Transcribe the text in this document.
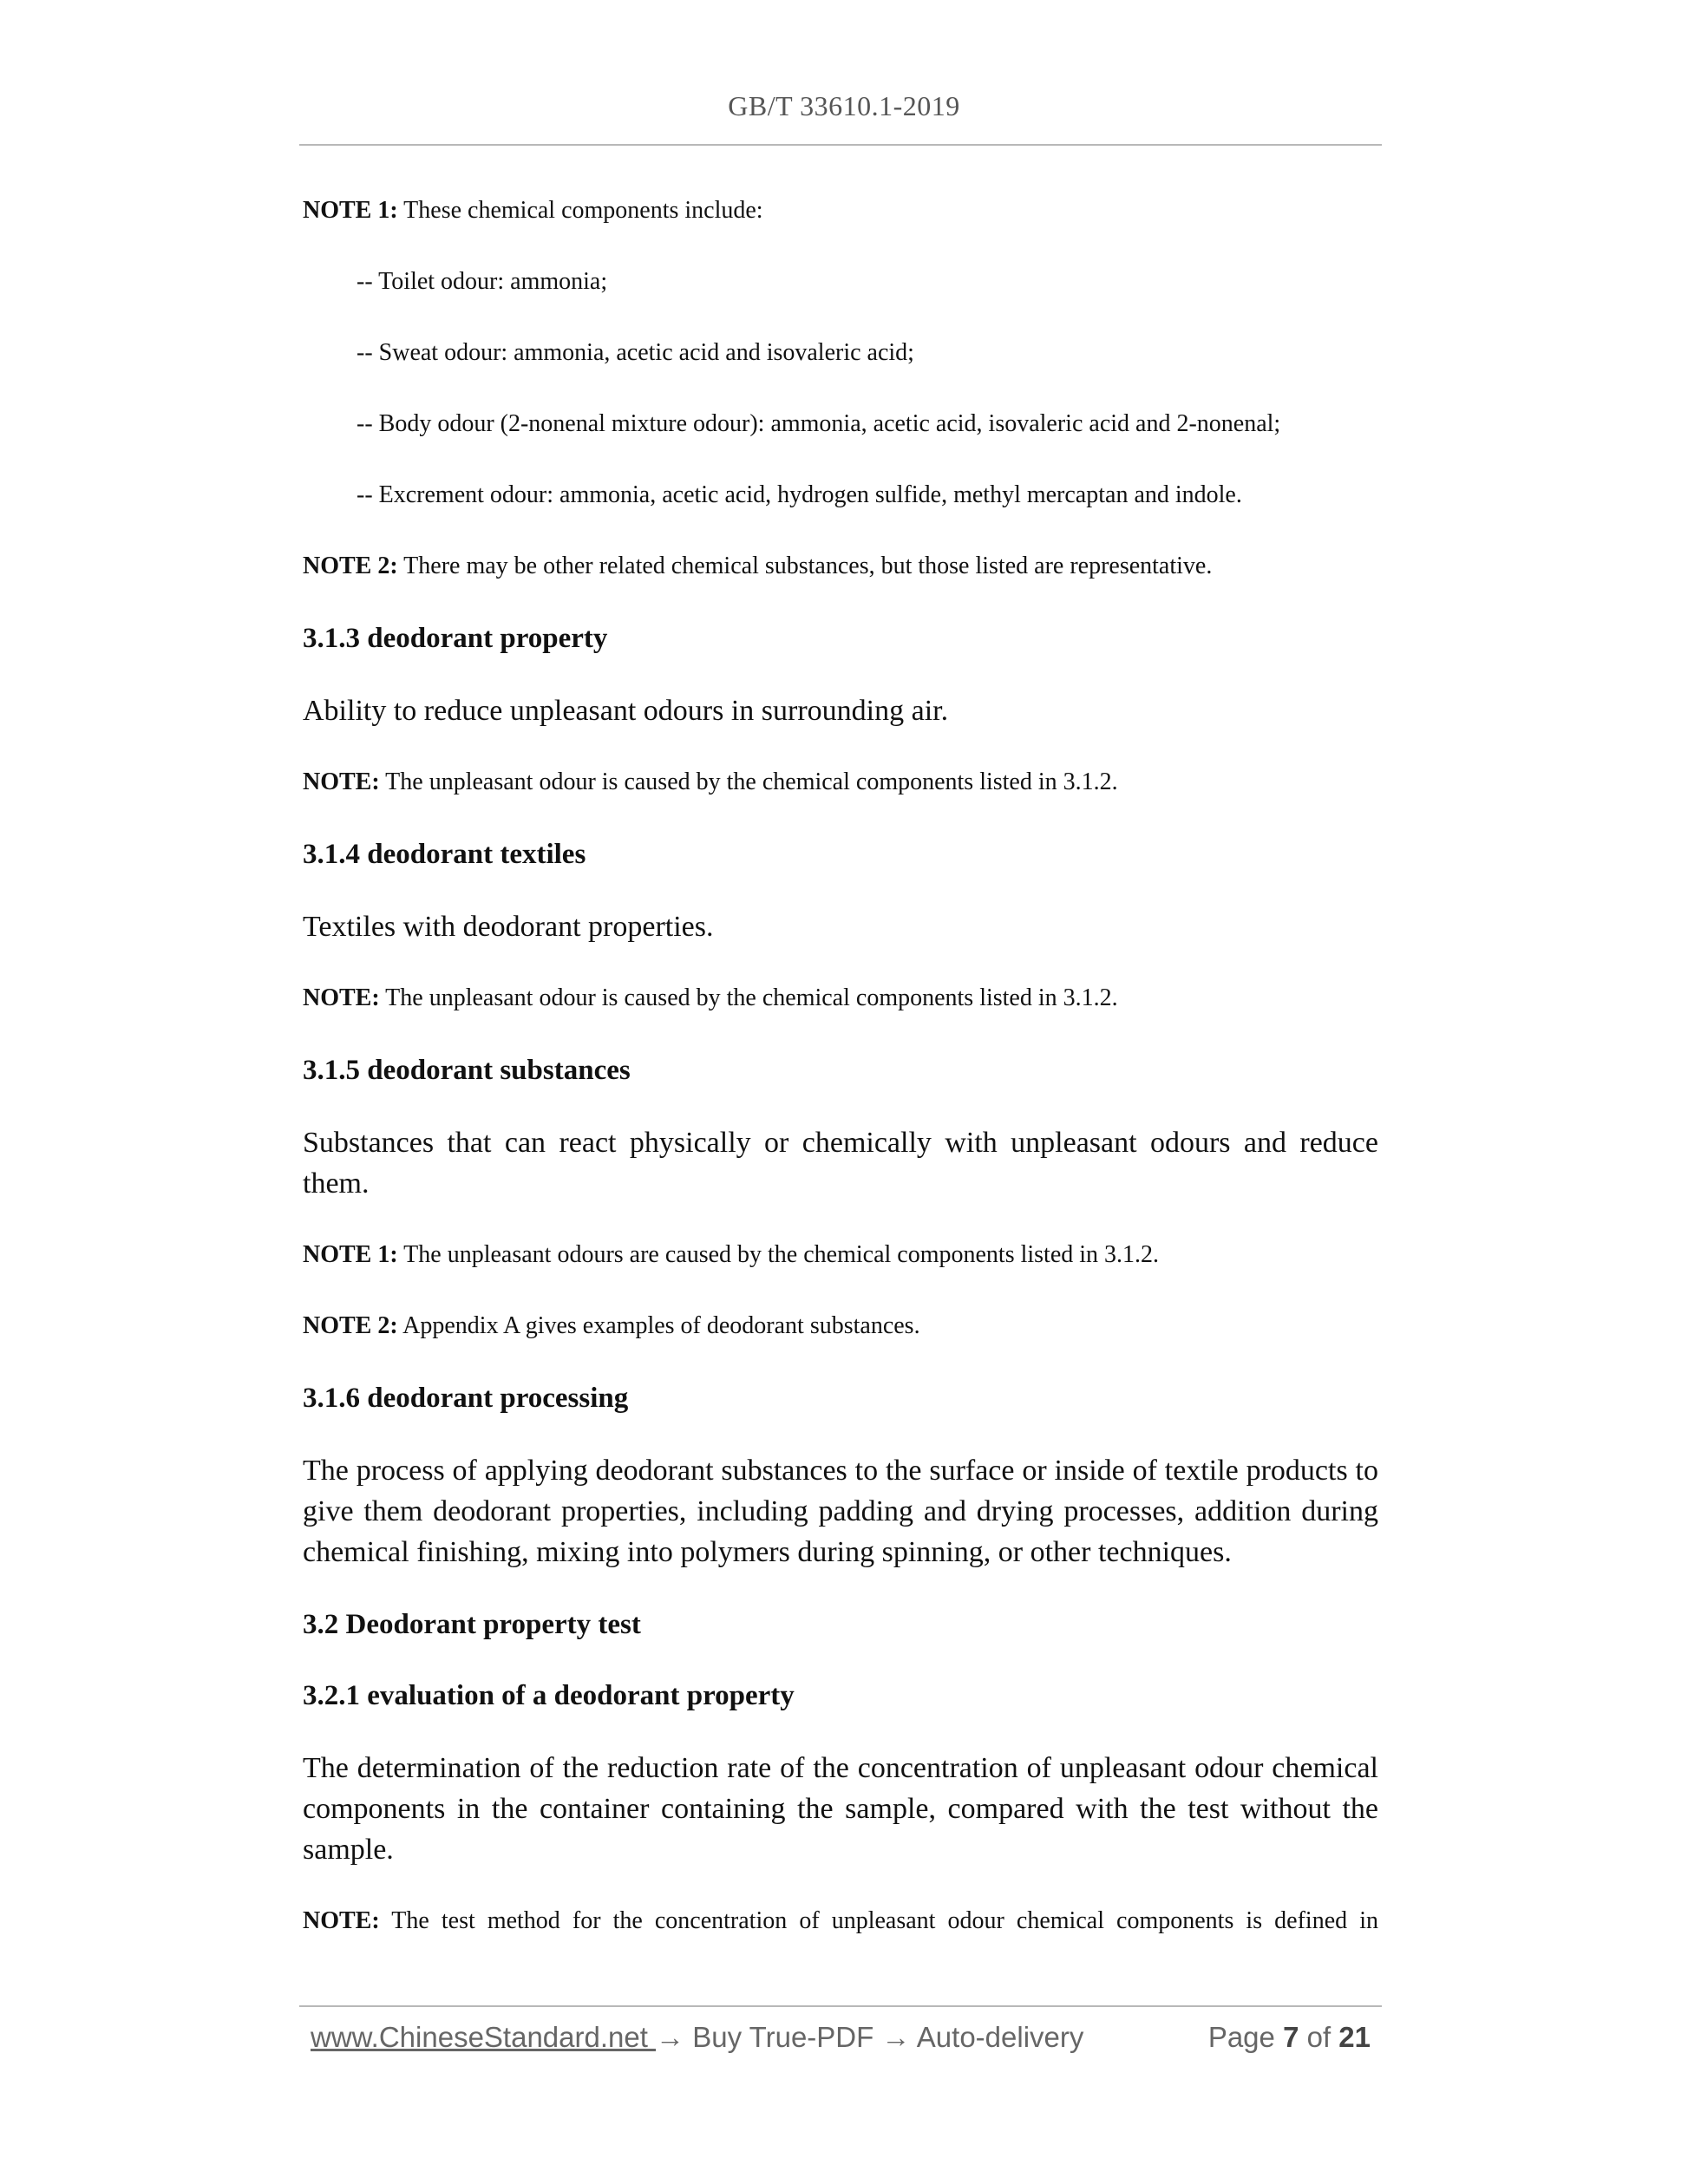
GB/T 33610.1-2019

NOTE 1: These chemical components include:

-- Toilet odour: ammonia;

-- Sweat odour: ammonia, acetic acid and isovaleric acid;

-- Body odour (2-nonenal mixture odour): ammonia, acetic acid, isovaleric acid and 2-nonenal;

-- Excrement odour: ammonia, acetic acid, hydrogen sulfide, methyl mercaptan and indole.

NOTE 2: There may be other related chemical substances, but those listed are representative.

3.1.3 deodorant property

Ability to reduce unpleasant odours in surrounding air.

NOTE: The unpleasant odour is caused by the chemical components listed in 3.1.2.

3.1.4 deodorant textiles

Textiles with deodorant properties.

NOTE: The unpleasant odour is caused by the chemical components listed in 3.1.2.

3.1.5 deodorant substances

Substances that can react physically or chemically with unpleasant odours and reduce them.

NOTE 1: The unpleasant odours are caused by the chemical components listed in 3.1.2.

NOTE 2: Appendix A gives examples of deodorant substances.

3.1.6 deodorant processing

The process of applying deodorant substances to the surface or inside of textile products to give them deodorant properties, including padding and drying processes, addition during chemical finishing, mixing into polymers during spinning, or other techniques.

3.2 Deodorant property test
3.2.1 evaluation of a deodorant property

The determination of the reduction rate of the concentration of unpleasant odour chemical components in the container containing the sample, compared with the test without the sample.

NOTE: The test method for the concentration of unpleasant odour chemical components is defined in

www.ChineseStandard.net → Buy True-PDF → Auto-delivery	Page 7 of 21
